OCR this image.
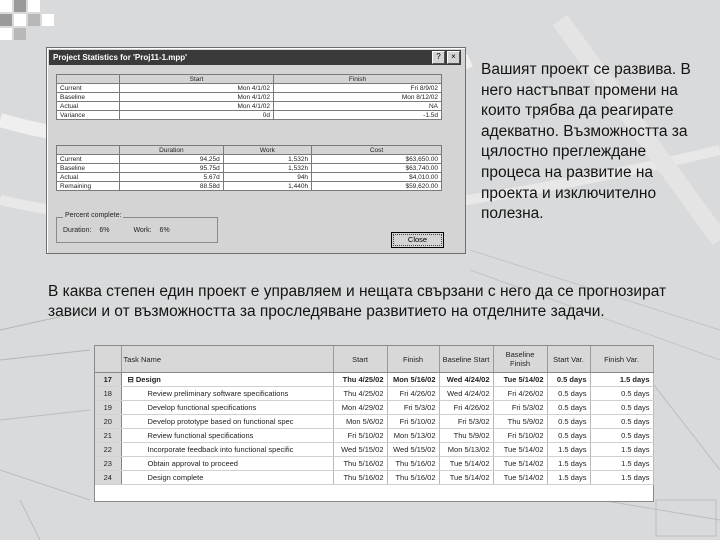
Project Statistics for 'Proj11-1.mpp'	?	×
	Start	Finish
Current	Mon 4/1/02	Fri 8/9/02
Baseline	Mon 4/1/02	Mon 8/12/02
Actual	Mon 4/1/02	NA
Variance	0d	-1.5d
	Duration	Work	Cost
Current	94.25d	1,532h	$63,650.00
Baseline	95.75d	1,532h	$63,740.00
Actual	5.67d	94h	$4,010.00
Remaining	88.58d	1,440h	$59,620.00
Percent complete:
Duration: 6%	Work: 6%
Close
Вашият проект се развива. В него настъпват промени на които трябва да реагирате адекватно. Възможността за цялостно преглеждане процеса на развитие на проекта и изключително полезна.
В каква степен един проект е управляем и нещата свързани с него да се прогнозират зависи и от възможността за проследяване развитието на отделните задачи.
	Task Name	Start	Finish	Baseline Start	Baseline Finish	Start Var.	Finish Var.
17	⊟ Design	Thu 4/25/02	Mon 5/16/02	Wed 4/24/02	Tue 5/14/02	0.5 days	1.5 days
18	Review preliminary software specifications	Thu 4/25/02	Fri 4/26/02	Wed 4/24/02	Fri 4/26/02	0.5 days	0.5 days
19	Develop functional specifications	Mon 4/29/02	Fri 5/3/02	Fri 4/26/02	Fri 5/3/02	0.5 days	0.5 days
20	Develop prototype based on functional spec	Mon 5/6/02	Fri 5/10/02	Fri 5/3/02	Thu 5/9/02	0.5 days	0.5 days
21	Review functional specifications	Fri 5/10/02	Mon 5/13/02	Thu 5/9/02	Fri 5/10/02	0.5 days	0.5 days
22	Incorporate feedback into functional specific	Wed 5/15/02	Wed 5/15/02	Mon 5/13/02	Tue 5/14/02	1.5 days	1.5 days
23	Obtain approval to proceed	Thu 5/16/02	Thu 5/16/02	Tue 5/14/02	Tue 5/14/02	1.5 days	1.5 days
24	Design complete	Thu 5/16/02	Thu 5/16/02	Tue 5/14/02	Tue 5/14/02	1.5 days	1.5 days
